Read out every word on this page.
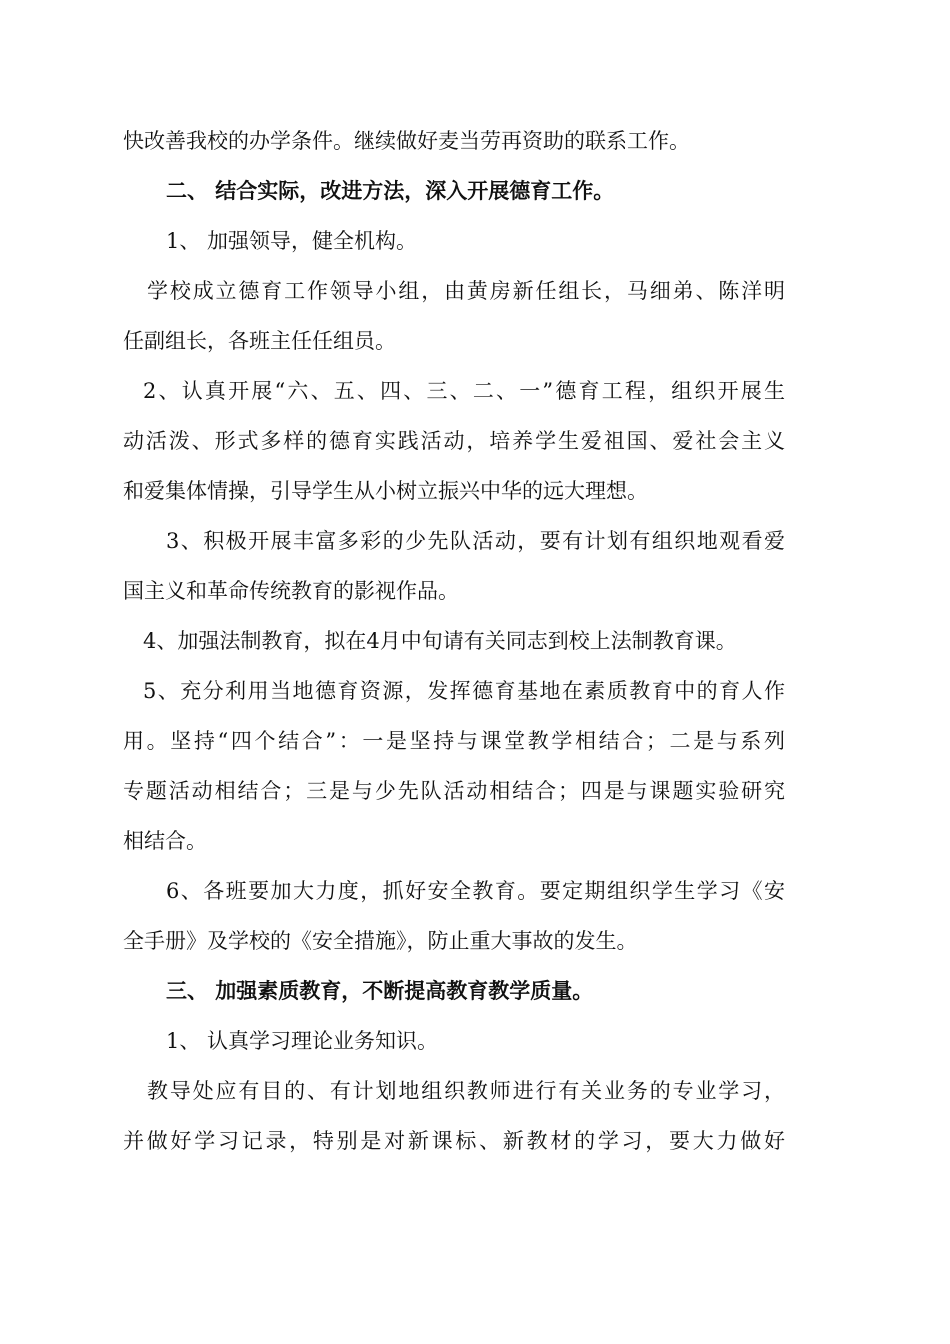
快改善我校的办学条件。继续做好麦当劳再资助的联系工作。
二、 结合实际，改进方法，深入开展德育工作。
1、 加强领导，健全机构。
学校成立德育工作领导小组，由黄房新任组长，马细弟、陈洋明
任副组长，各班主任任组员。
2、认真开展“六、五、四、三、二、一”德育工程，组织开展生
动活泼、形式多样的德育实践活动，培养学生爱祖国、爱社会主义
和爱集体情操，引导学生从小树立振兴中华的远大理想。
3、积极开展丰富多彩的少先队活动，要有计划有组织地观看爱
国主义和革命传统教育的影视作品。
4、加强法制教育，拟在4月中旬请有关同志到校上法制教育课。
5、充分利用当地德育资源，发挥德育基地在素质教育中的育人作
用。坚持“四个结合”：一是坚持与课堂教学相结合；二是与系列
专题活动相结合；三是与少先队活动相结合；四是与课题实验研究
相结合。
6、各班要加大力度，抓好安全教育。要定期组织学生学习《安
全手册》及学校的《安全措施》，防止重大事故的发生。
三、 加强素质教育，不断提高教育教学质量。
1、 认真学习理论业务知识。
教导处应有目的、有计划地组织教师进行有关业务的专业学习，
并做好学习记录，特别是对新课标、新教材的学习，要大力做好
